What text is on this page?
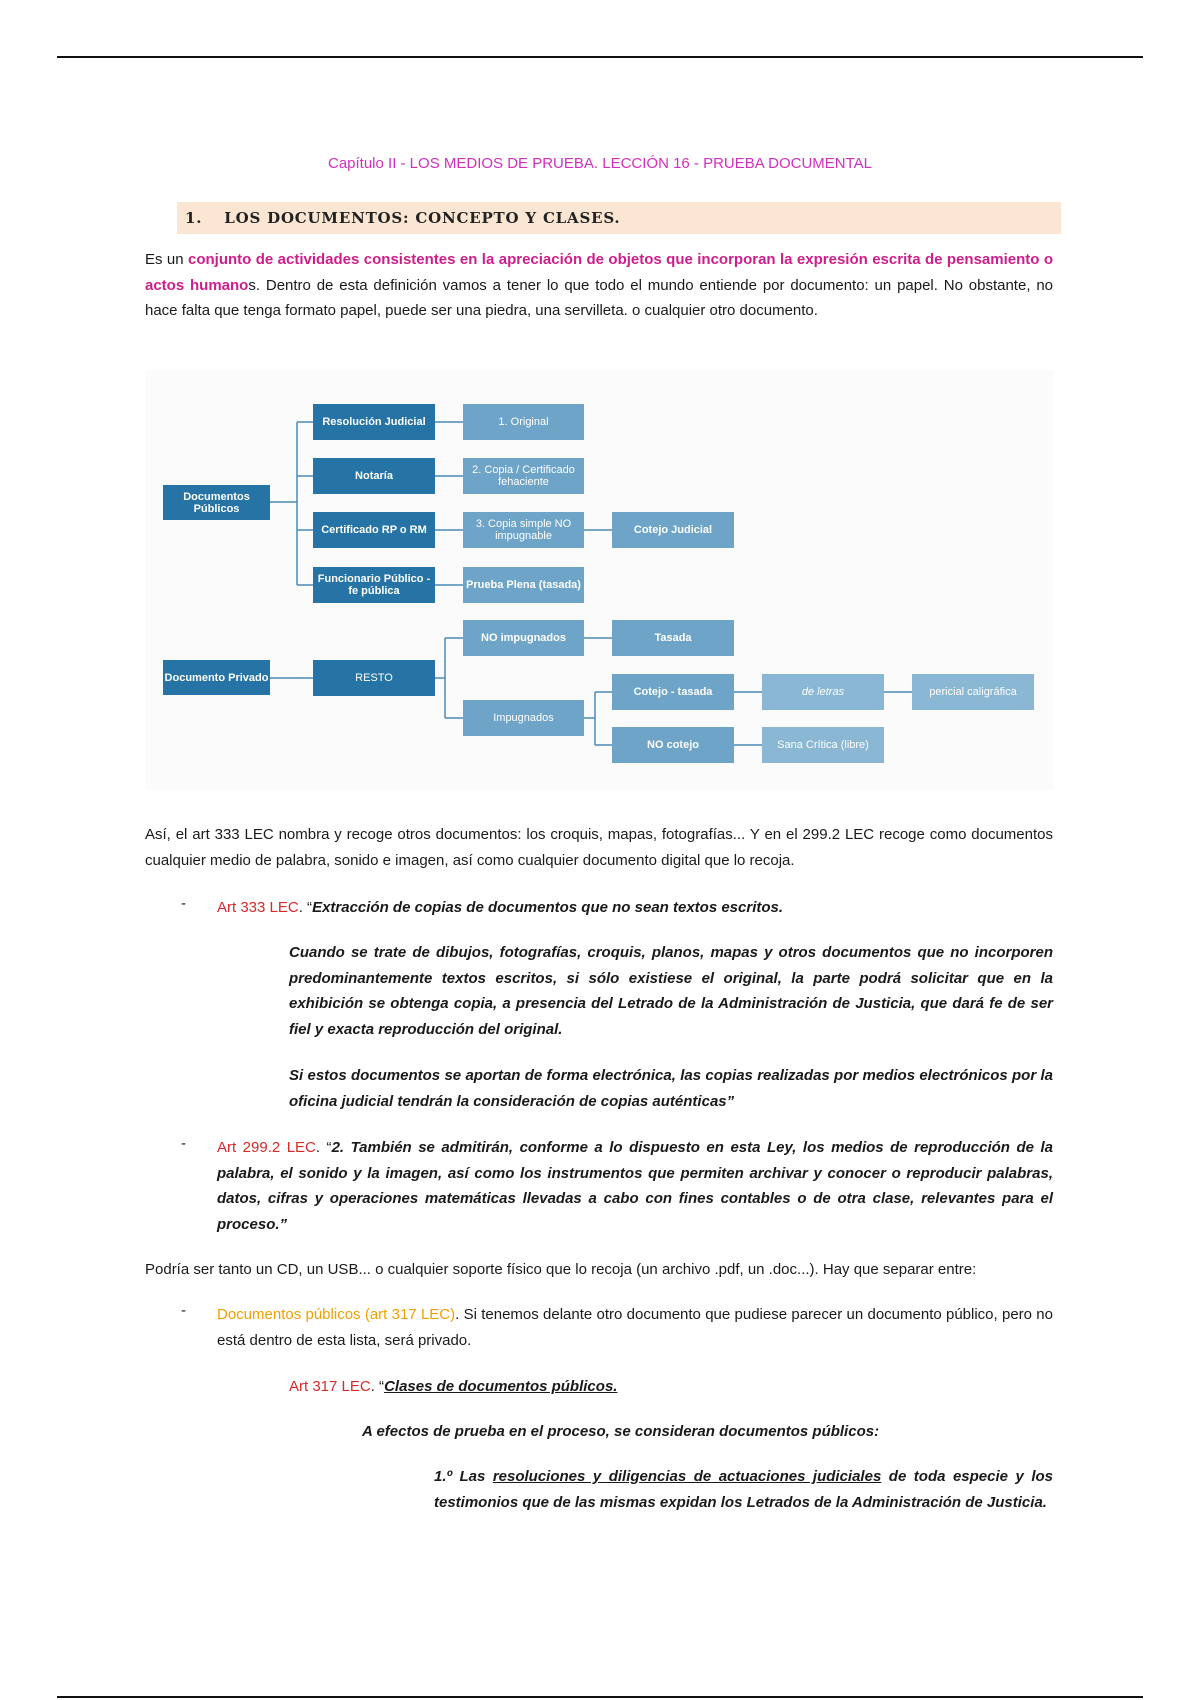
Capítulo II - LOS MEDIOS DE PRUEBA. LECCIÓN 16 - PRUEBA DOCUMENTAL
1. LOS DOCUMENTOS: CONCEPTO Y CLASES.
Es un conjunto de actividades consistentes en la apreciación de objetos que incorporan la expresión escrita de pensamiento o actos humanos. Dentro de esta definición vamos a tener lo que todo el mundo entiende por documento: un papel. No obstante, no hace falta que tenga formato papel, puede ser una piedra, una servilleta. o cualquier otro documento.
Documentos Públicos
Resolución Judicial
Notaría
Certificado RP o RM
Funcionario Público - fe pública
1. Original
2. Copia / Certificado fehaciente
3. Copia simple NO impugnable
Prueba Plena (tasada)
Cotejo Judicial
Documento Privado	RESTO
NO impugnados	Tasada
Impugnados
Cotejo - tasada	de letras	pericial caligráfica
NO cotejo	Sana Crítica (libre)
Así, el art 333 LEC nombra y recoge otros documentos: los croquis, mapas, fotografías... Y en el 299.2 LEC recoge como documentos cualquier medio de palabra, sonido e imagen, así como cualquier documento digital que lo recoja.
- Art 333 LEC. “Extracción de copias de documentos que no sean textos escritos.
Cuando se trate de dibujos, fotografías, croquis, planos, mapas y otros documentos que no incorporen predominantemente textos escritos, si sólo existiese el original, la parte podrá solicitar que en la exhibición se obtenga copia, a presencia del Letrado de la Administración de Justicia, que dará fe de ser fiel y exacta reproducción del original.
Si estos documentos se aportan de forma electrónica, las copias realizadas por medios electrónicos por la oficina judicial tendrán la consideración de copias auténticas”
- Art 299.2 LEC. “2. También se admitirán, conforme a lo dispuesto en esta Ley, los medios de reproducción de la palabra, el sonido y la imagen, así como los instrumentos que permiten archivar y conocer o reproducir palabras, datos, cifras y operaciones matemáticas llevadas a cabo con fines contables o de otra clase, relevantes para el proceso.”
Podría ser tanto un CD, un USB... o cualquier soporte físico que lo recoja (un archivo .pdf, un .doc...). Hay que separar entre:
- Documentos públicos (art 317 LEC). Si tenemos delante otro documento que pudiese parecer un documento público, pero no está dentro de esta lista, será privado.
Art 317 LEC. “Clases de documentos públicos.
A efectos de prueba en el proceso, se consideran documentos públicos:
1.º Las resoluciones y diligencias de actuaciones judiciales de toda especie y los testimonios que de las mismas expidan los Letrados de la Administración de Justicia.
